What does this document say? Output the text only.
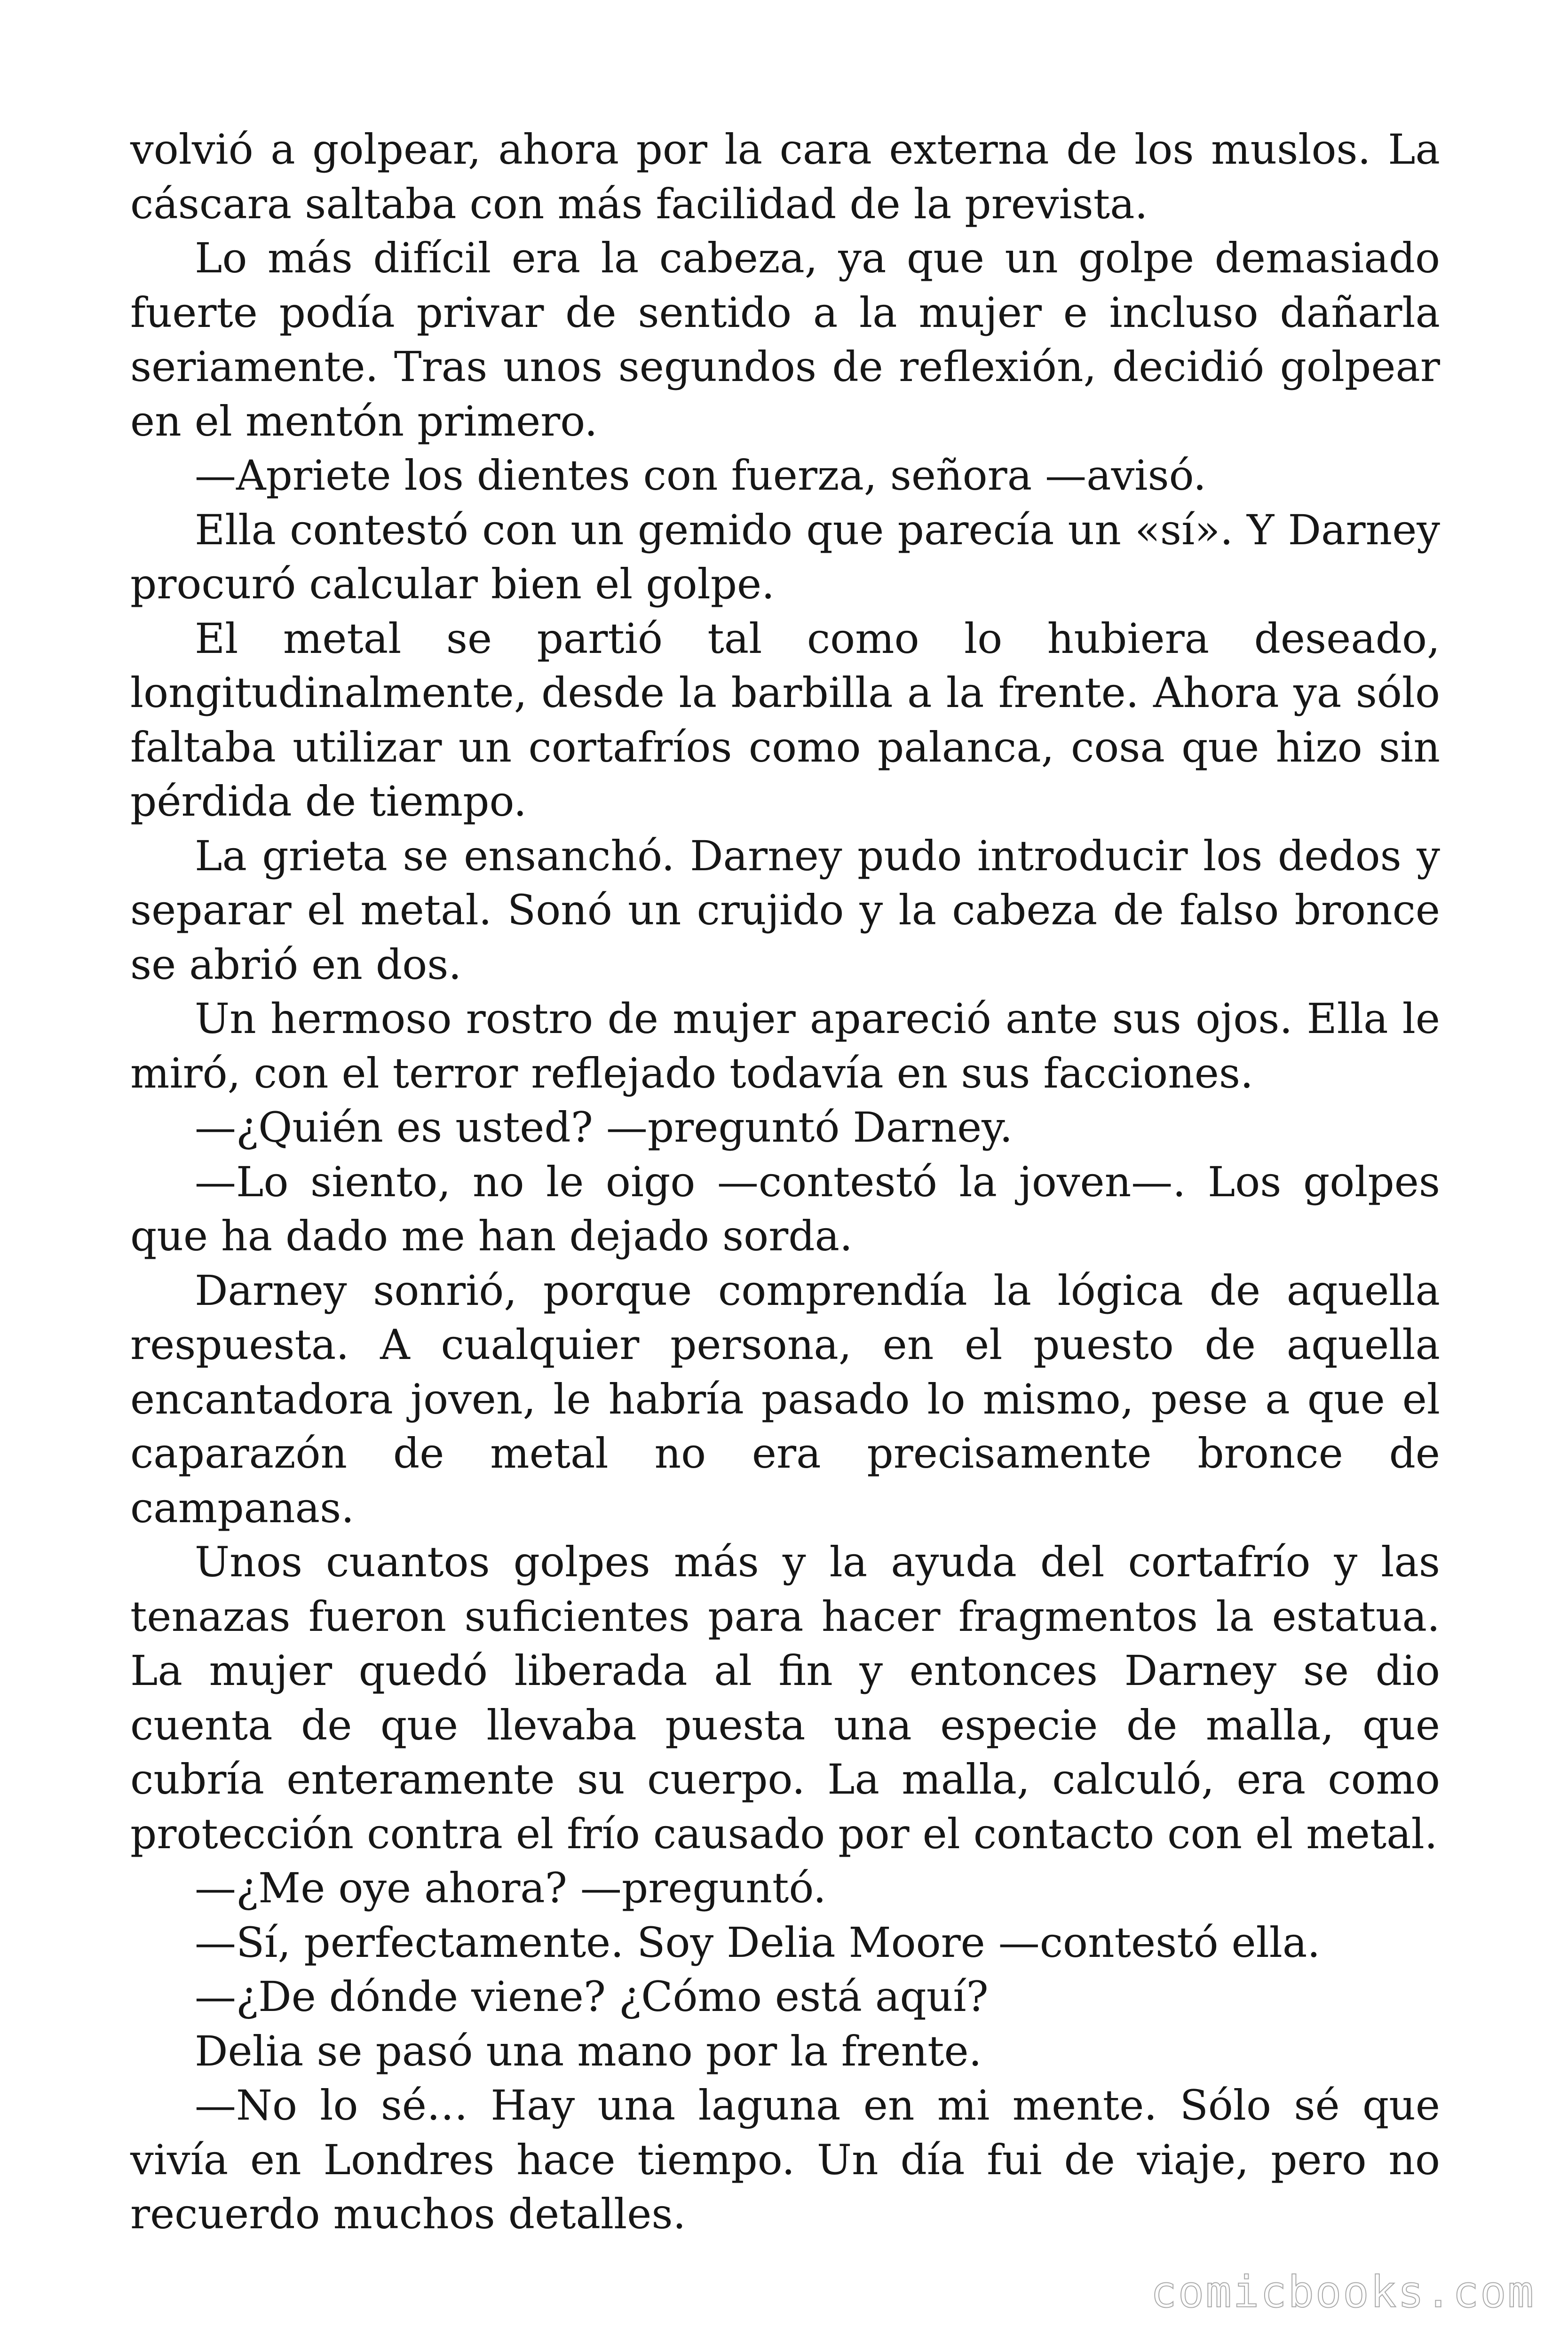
volvió a golpear, ahora por la cara externa de los muslos. La cáscara saltaba con más facilidad de la prevista.

Lo más difícil era la cabeza, ya que un golpe demasiado fuerte podía privar de sentido a la mujer e incluso dañarla seriamente. Tras unos segundos de reflexión, decidió golpear en el mentón primero.

—Apriete los dientes con fuerza, señora —avisó.

Ella contestó con un gemido que parecía un «sí». Y Darney procuró calcular bien el golpe.

El metal se partió tal como lo hubiera deseado, longitudinalmente, desde la barbilla a la frente. Ahora ya sólo faltaba utilizar un cortafríos como palanca, cosa que hizo sin pérdida de tiempo.

La grieta se ensanchó. Darney pudo introducir los dedos y separar el metal. Sonó un crujido y la cabeza de falso bronce se abrió en dos.

Un hermoso rostro de mujer apareció ante sus ojos. Ella le miró, con el terror reflejado todavía en sus facciones.

—¿Quién es usted? —preguntó Darney.

—Lo siento, no le oigo —contestó la joven—. Los golpes que ha dado me han dejado sorda.

Darney sonrió, porque comprendía la lógica de aquella respuesta. A cualquier persona, en el puesto de aquella encantadora joven, le habría pasado lo mismo, pese a que el caparazón de metal no era precisamente bronce de campanas.

Unos cuantos golpes más y la ayuda del cortafrío y las tenazas fueron suficientes para hacer fragmentos la estatua. La mujer quedó liberada al fin y entonces Darney se dio cuenta de que llevaba puesta una especie de malla, que cubría enteramente su cuerpo. La malla, calculó, era como protección contra el frío causado por el contacto con el metal.

—¿Me oye ahora? —preguntó.

—Sí, perfectamente. Soy Delia Moore —contestó ella.

—¿De dónde viene? ¿Cómo está aquí?

Delia se pasó una mano por la frente.

—No lo sé… Hay una laguna en mi mente. Sólo sé que vivía en Londres hace tiempo. Un día fui de viaje, pero no recuerdo muchos detalles.

comicbooks.com
